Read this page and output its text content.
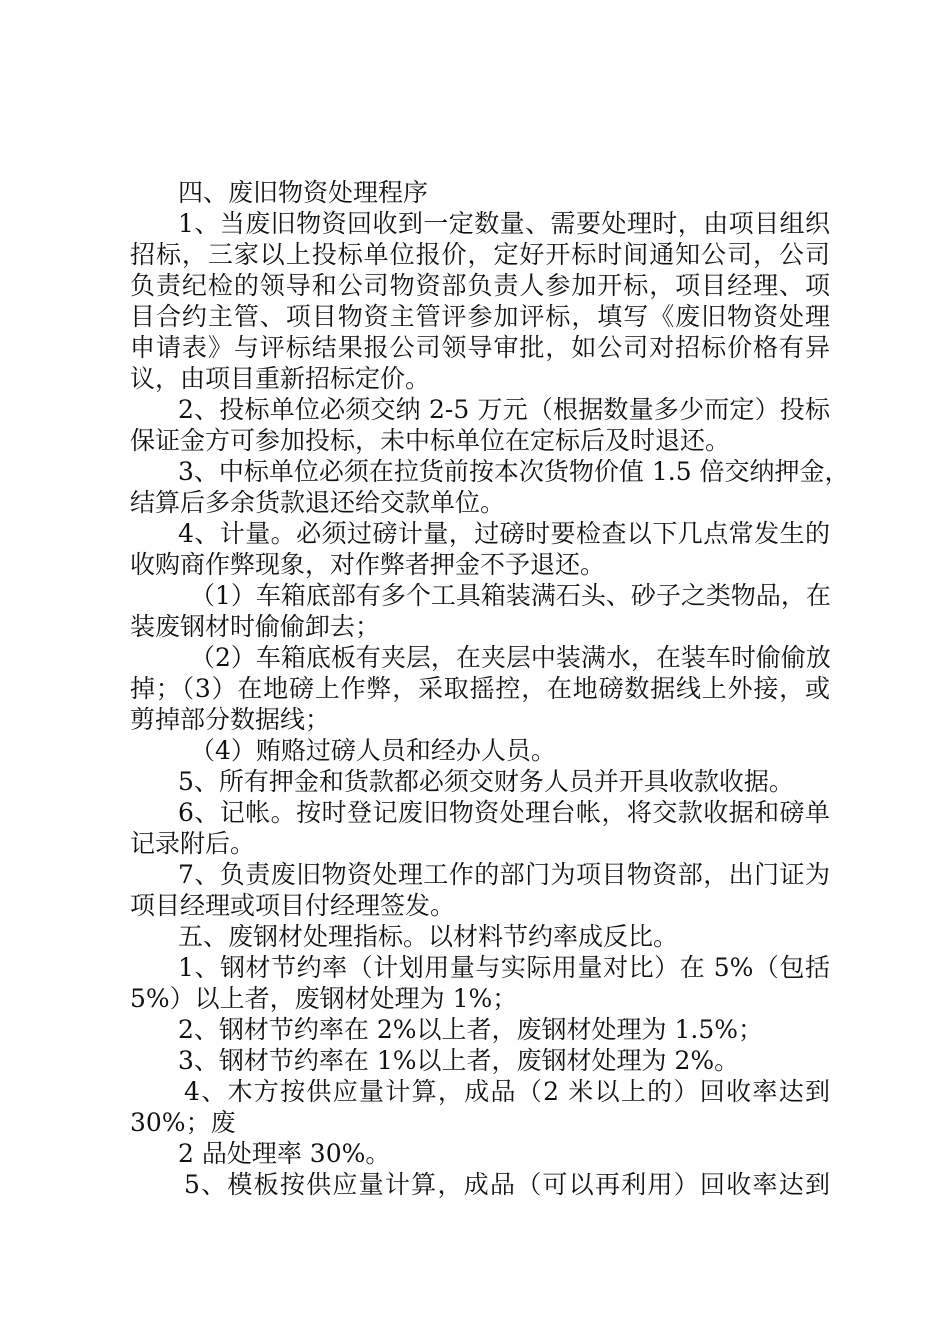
四、废旧物资处理程序
1、当废旧物资回收到一定数量、需要处理时，由项目组织
招标，三家以上投标单位报价，定好开标时间通知公司，公司
负责纪检的领导和公司物资部负责人参加开标，项目经理、项
目合约主管、项目物资主管评参加评标，填写《废旧物资处理
申请表》与评标结果报公司领导审批，如公司对招标价格有异
议，由项目重新招标定价。
2、投标单位必须交纳 2-5 万元（根据数量多少而定）投标
保证金方可参加投标，未中标单位在定标后及时退还。
3、中标单位必须在拉货前按本次货物价值 1.5 倍交纳押金，
结算后多余货款退还给交款单位。
4、计量。必须过磅计量，过磅时要检查以下几点常发生的
收购商作弊现象，对作弊者押金不予退还。
（1）车箱底部有多个工具箱装满石头、砂子之类物品，在
装废钢材时偷偷卸去；
（2）车箱底板有夹层，在夹层中装满水，在装车时偷偷放
掉；（3）在地磅上作弊，采取摇控，在地磅数据线上外接，或
剪掉部分数据线；
（4）贿赂过磅人员和经办人员。
5、所有押金和货款都必须交财务人员并开具收款收据。
6、记帐。按时登记废旧物资处理台帐，将交款收据和磅单
记录附后。
7、负责废旧物资处理工作的部门为项目物资部，出门证为
项目经理或项目付经理签发。
五、废钢材处理指标。以材料节约率成反比。
1、钢材节约率（计划用量与实际用量对比）在 5%（包括
5%）以上者，废钢材处理为 1%；
2、钢材节约率在 2%以上者，废钢材处理为 1.5%；
3、钢材节约率在 1%以上者，废钢材处理为 2%。
4、木方按供应量计算，成品（2 米以上的）回收率达到
30%；废
2 品处理率 30%。
5、模板按供应量计算，成品（可以再利用）回收率达到
